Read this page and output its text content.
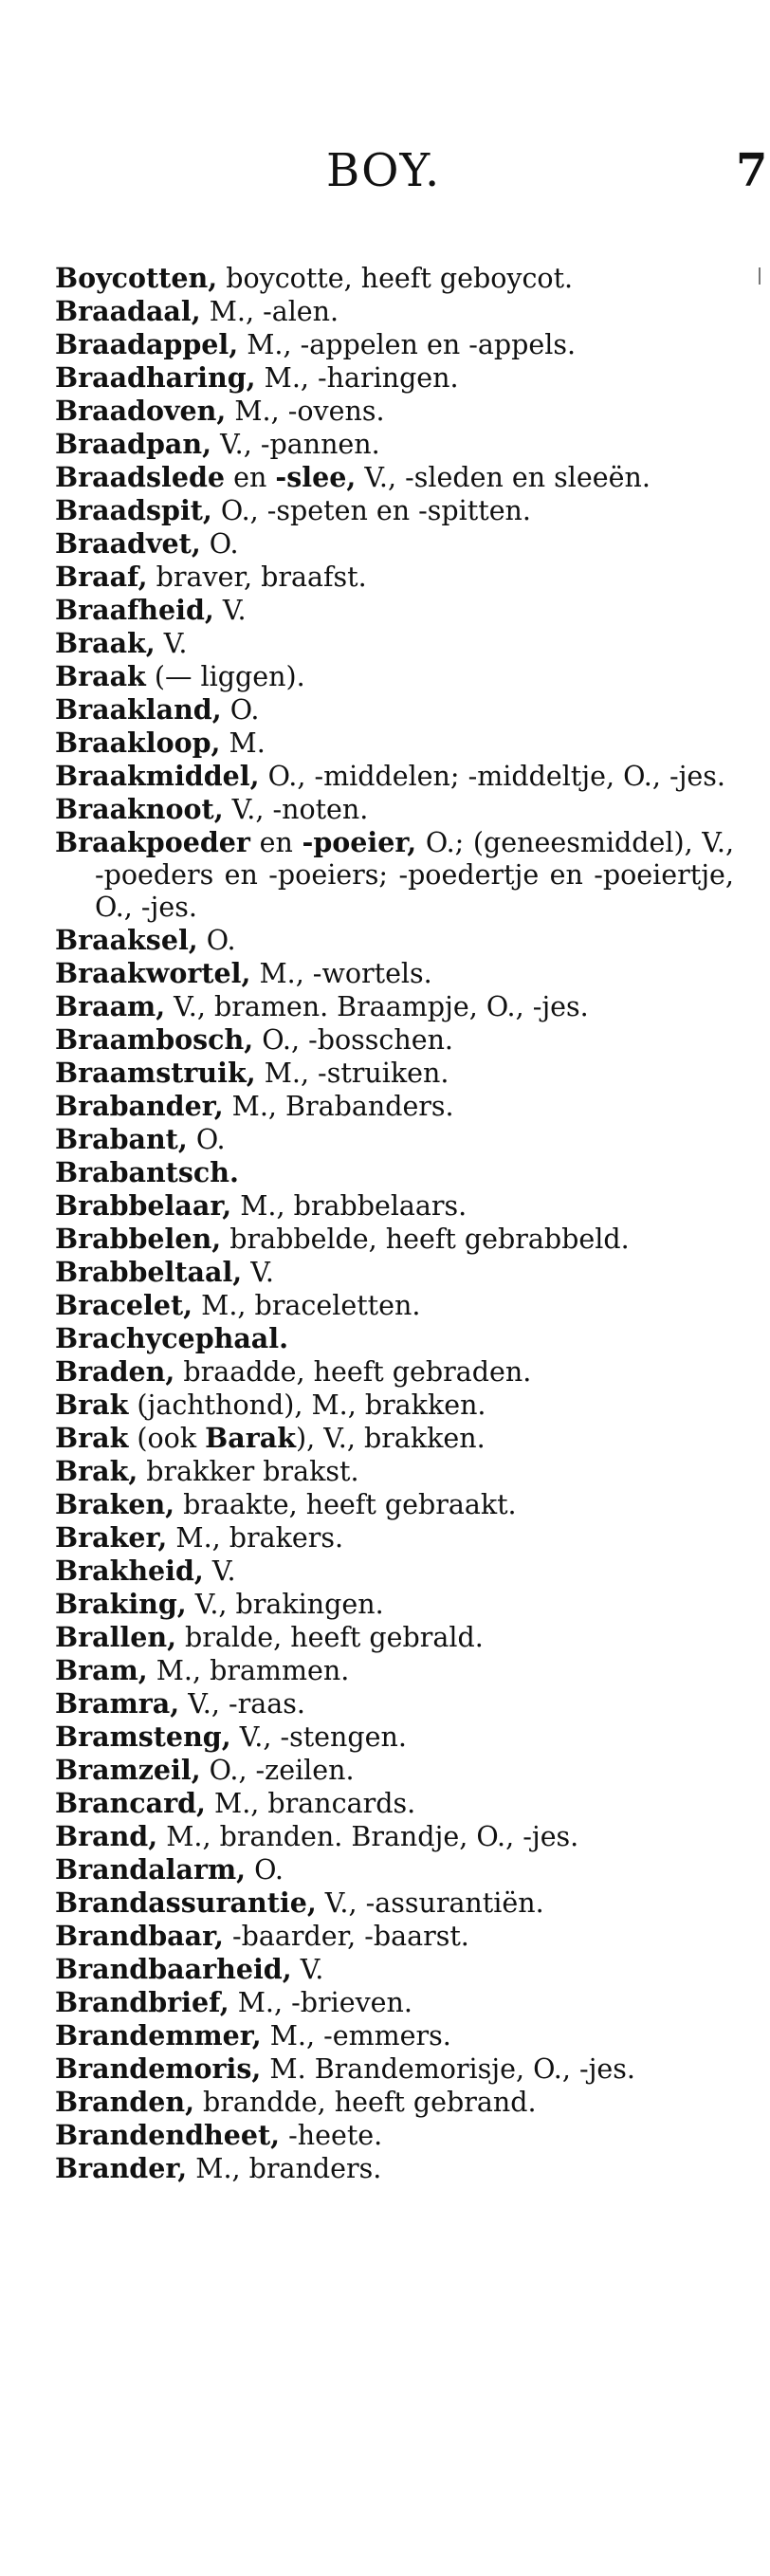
BOY.	7
Boycotten, boycotte, heeft geboycot.
Braadaal, M., -alen.
Braadappel, M., -appelen en -appels.
Braadharing, M., -haringen.
Braadoven, M., -ovens.
Braadpan, V., -pannen.
Braadslede en -slee, V., -sleden en sleeën.
Braadspit, O., -speten en -spitten.
Braadvet, O.
Braaf, braver, braafst.
Braafheid, V.
Braak, V.
Braak (— liggen).
Braakland, O.
Braakloop, M.
Braakmiddel, O., -middelen; -middeltje, O., -jes.
Braaknoot, V., -noten.
Braakpoeder en -poeier, O.; (geneesmiddel), V., -poeders en -poeiers; -poedertje en -poeiertje, O., -jes.
Braaksel, O.
Braakwortel, M., -wortels.
Braam, V., bramen. Braampje, O., -jes.
Braambosch, O., -bosschen.
Braamstruik, M., -struiken.
Brabander, M., Brabanders.
Brabant, O.
Brabantsch.
Brabbelaar, M., brabbelaars.
Brabbelen, brabbelde, heeft gebrabbeld.
Brabbeltaal, V.
Bracelet, M., braceletten.
Brachycephaal.
Braden, braadde, heeft gebraden.
Brak (jachthond), M., brakken.
Brak (ook Barak), V., brakken.
Brak, brakker brakst.
Braken, braakte, heeft gebraakt.
Braker, M., brakers.
Brakheid, V.
Braking, V., brakingen.
Brallen, bralde, heeft gebrald.
Bram, M., brammen.
Bramra, V., -raas.
Bramsteng, V., -stengen.
Bramzeil, O., -zeilen.
Brancard, M., brancards.
Brand, M., branden. Brandje, O., -jes.
Brandalarm, O.
Brandassurantie, V., -assurantiën.
Brandbaar, -baarder, -baarst.
Brandbaarheid, V.
Brandbrief, M., -brieven.
Brandemmer, M., -emmers.
Brandemoris, M. Brandemorisje, O., -jes.
Branden, brandde, heeft gebrand.
Brandendheet, -heete.
Brander, M., branders.
